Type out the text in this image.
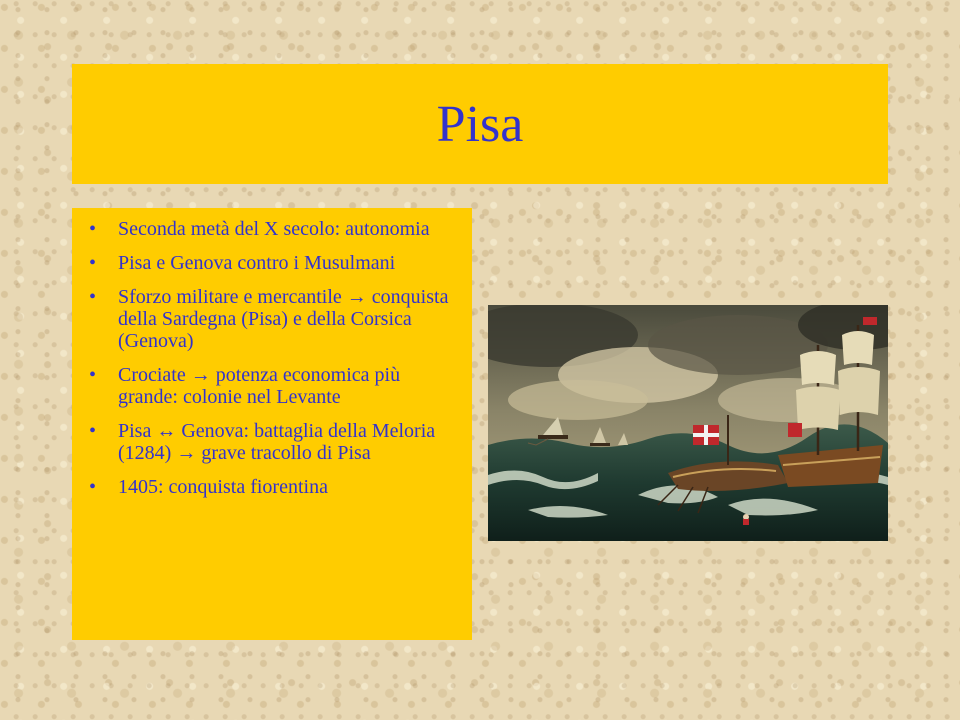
Pisa
• Seconda metà del X secolo: autonomia
• Pisa e Genova contro i Musulmani
• Sforzo militare e mercantile → conquista della Sardegna (Pisa) e della Corsica (Genova)
• Crociate → potenza economica più grande: colonie nel Levante
• Pisa ↔ Genova: battaglia della Meloria (1284) → grave tracollo di Pisa
• 1405: conquista fiorentina
